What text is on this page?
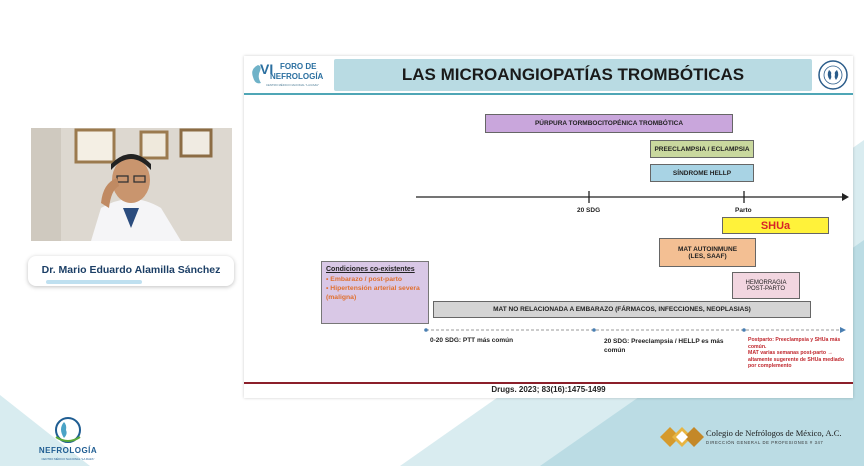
Dr. Mario Eduardo Alamilla Sánchez
LAS MICROANGIOPATÍAS TROMBÓTICAS
VI FORO DE
NEFROLOGÍA
CENTRO MÉDICO NACIONAL "LA RAZA"
PÚRPURA TORMBOCITOPÉNICA TROMBÓTICA
PREECLAMPSIA / ECLAMPSIA
SÍNDROME HELLP
20 SDG	Parto
SHUa
MAT AUTOINMUNE
(LES, SAAF)
HEMORRAGIA
POST-PARTO
Condiciones co-existentes
• Embarazo / post-parto
• Hipertensión arterial severa (maligna)
MAT NO RELACIONADA A EMBARAZO (FÁRMACOS, INFECCIONES, NEOPLASIAS)
0-20 SDG: PTT más común	20 SDG: Preeclampsia / HELLP es más común
Postparto: Preeclampsia y SHUa más común.
MAT varias semanas post-parto → altamente sugerente de SHUa mediado por complemento
Drugs. 2023; 83(16):1475-1499
NEFROLOGÍA
CENTRO MÉDICO NACIONAL "LA RAZA"
Colegio de Nefrólogos de México, A.C.
DIRECCIÓN GENERAL DE PROFESIONES # 347
